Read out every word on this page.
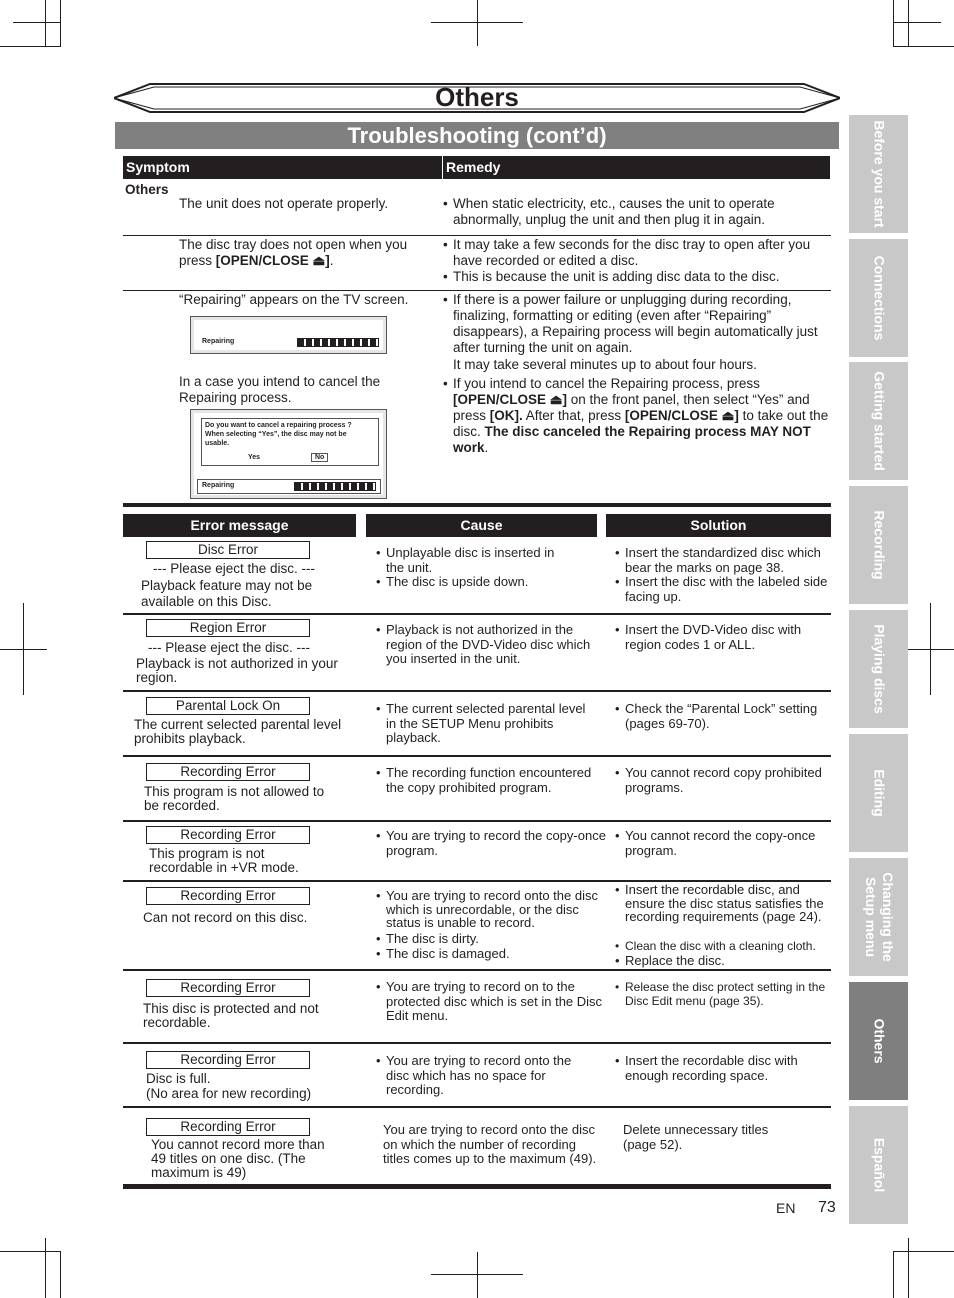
Others
Troubleshooting (cont’d)	Before you start
Connections
Getting started
Recording
Playing discs
Editing
Changing the Setup menu
Others
Español
Symptom	Remedy
Others
The unit does not operate properly.
•	When static electricity, etc., causes the unit to operate abnormally, unplug the unit and then plug it in again.
The disc tray does not open when you press [OPEN/CLOSE ⏏].
• It may take a few seconds for the disc tray to open after you have recorded or edited a disc.
• This is because the unit is adding disc data to the disc.
“Repairing” appears on the TV screen.
Repairing
In a case you intend to cancel the Repairing process.
Do you want to cancel a repairing process ? When selecting “Yes”, the disc may not be usable.
Yes	No
Repairing
• If there is a power failure or unplugging during recording, finalizing, formatting or editing (even after “Repairing” disappears), a Repairing process will begin automatically just after turning the unit on again.
It may take several minutes up to about four hours.
• If you intend to cancel the Repairing process, press [OPEN/CLOSE ⏏] on the front panel, then select “Yes” and press [OK]. After that, press [OPEN/CLOSE ⏏] to take out the disc. The disc canceled the Repairing process MAY NOT work.
Error message	Cause	Solution
Disc Error
--- Please eject the disc. ---
Playback feature may not be available on this Disc.
• Unplayable disc is inserted in the unit.
• The disc is upside down.
• Insert the standardized disc which bear the marks on page 38.
• Insert the disc with the labeled side facing up.
Region Error
--- Please eject the disc. ---
Playback is not authorized in your region.
• Playback is not authorized in the region of the DVD-Video disc which you inserted in the unit.
• Insert the DVD-Video disc with region codes 1 or ALL.
Parental Lock On
The current selected parental level prohibits playback.
• The current selected parental level in the SETUP Menu prohibits playback.
• Check the “Parental Lock” setting (pages 69-70).
Recording Error
This program is not allowed to be recorded.
• The recording function encountered the copy prohibited program.
• You cannot record copy prohibited programs.
Recording Error
This program is not recordable in +VR mode.
• You are trying to record the copy-once program.
• You cannot record the copy-once program.
Recording Error
Can not record on this disc.
• You are trying to record onto the disc which is unrecordable, or the disc status is unable to record.
• The disc is dirty.
• The disc is damaged.
• Insert the recordable disc, and ensure the disc status satisfies the recording requirements (page 24).
• Clean the disc with a cleaning cloth.
• Replace the disc.
Recording Error
This disc is protected and not recordable.
• You are trying to record on to the protected disc which is set in the Disc Edit menu.
• Release the disc protect setting in the Disc Edit menu (page 35).
Recording Error
Disc is full.
(No area for new recording)
• You are trying to record onto the disc which has no space for recording.
• Insert the recordable disc with enough recording space.
Recording Error
You cannot record more than 49 titles on one disc. (The maximum is 49)
You are trying to record onto the disc on which the number of recording titles comes up to the maximum (49).
Delete unnecessary titles (page 52).
EN 73
